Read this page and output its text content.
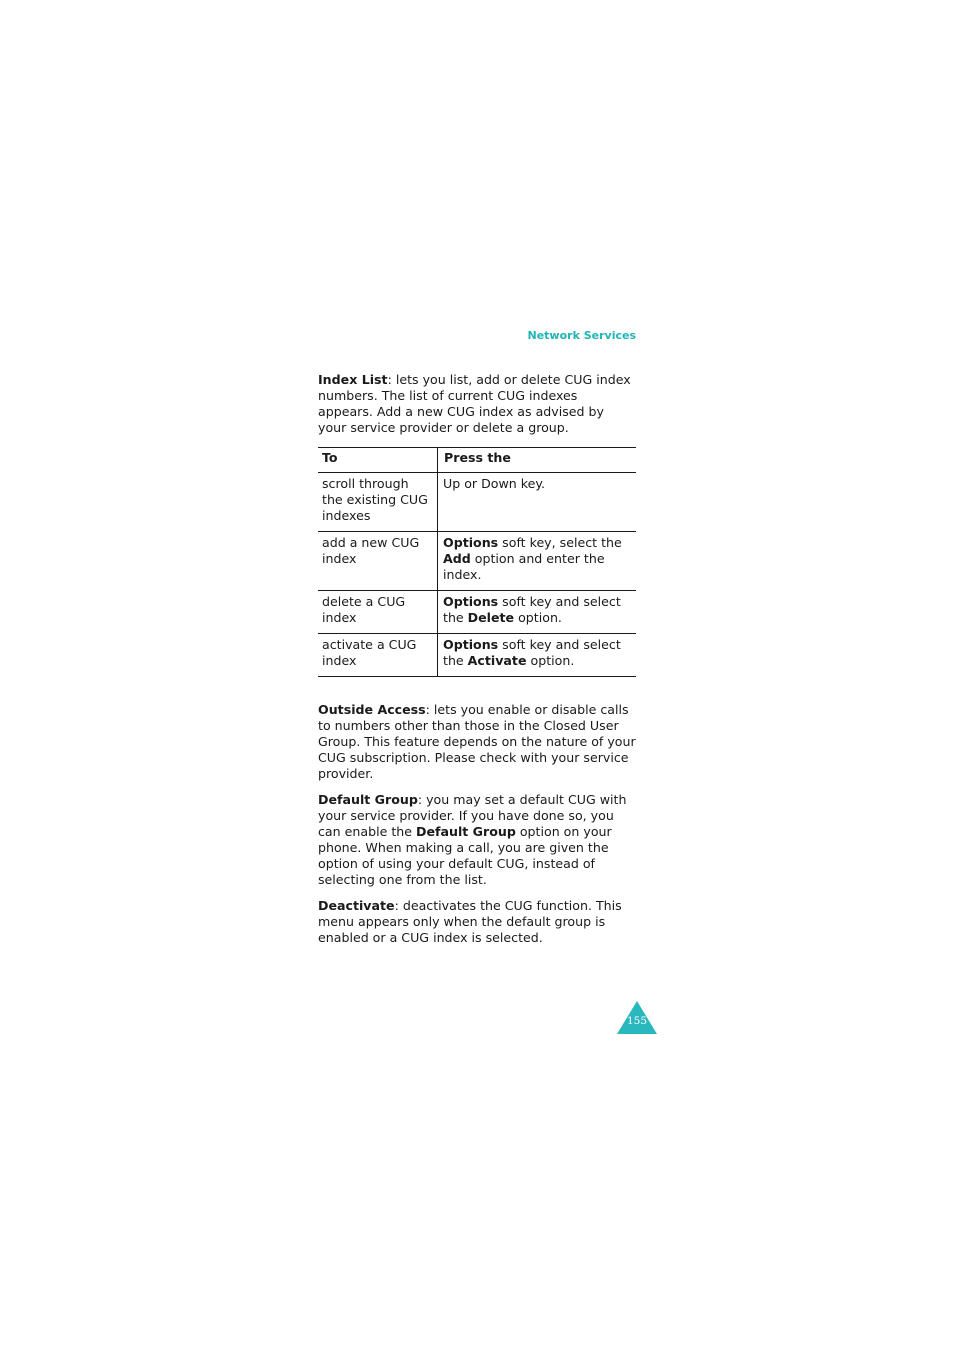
Network Services

Index List: lets you list, add or delete CUG index numbers. The list of current CUG indexes appears. Add a new CUG index as advised by your service provider or delete a group.

To	Press the
scroll through the existing CUG indexes	Up or Down key.
add a new CUG index	Options soft key, select the Add option and enter the index.
delete a CUG index	Options soft key and select the Delete option.
activate a CUG index	Options soft key and select the Activate option.

Outside Access: lets you enable or disable calls to numbers other than those in the Closed User Group. This feature depends on the nature of your CUG subscription. Please check with your service provider.

Default Group: you may set a default CUG with your service provider. If you have done so, you can enable the Default Group option on your phone. When making a call, you are given the option of using your default CUG, instead of selecting one from the list.

Deactivate: deactivates the CUG function. This menu appears only when the default group is enabled or a CUG index is selected.

155
